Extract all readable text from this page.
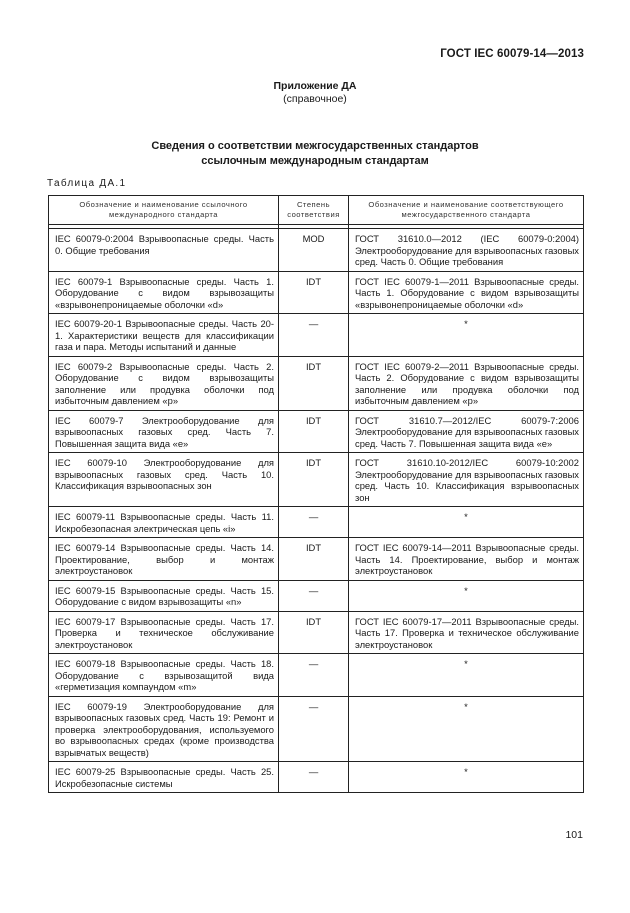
ГОСТ IEC 60079-14—2013
Приложение ДА
(справочное)
Сведения о соответствии межгосударственных стандартов
ссылочным международным стандартам
Таблица ДА.1
Обозначение и наименование ссылочного международного стандарта	Степень соответствия	Обозначение и наименование соответствующего межгосударственного стандарта

IEC 60079-0:2004 Взрывоопасные среды. Часть 0. Общие требования	MOD	ГОСТ 31610.0—2012 (IEC 60079-0:2004) Электрооборудование для взрывоопасных газовых сред. Часть 0. Общие требования
IEC 60079-1 Взрывоопасные среды. Часть 1. Оборудование с видом взрывозащиты «взрывонепроницаемые оболочки «d»	IDT	ГОСТ IEC 60079-1—2011 Взрывоопасные среды. Часть 1. Оборудование с видом взрывозащиты «взрывонепроницаемые оболочки «d»
IEC 60079-20-1 Взрывоопасные среды. Часть 20-1. Характеристики веществ для классификации газа и пара. Методы испытаний и данные	—	*
IEC 60079-2 Взрывоопасные среды. Часть 2. Оборудование с видом взрывозащиты заполнение или продувка оболочки под избыточным давлением «р»	IDT	ГОСТ IEC 60079-2—2011 Взрывоопасные среды. Часть 2. Оборудование с видом взрывозащиты заполнение или продувка оболочки под избыточным давлением «р»
IEC 60079-7 Электрооборудование для взрывоопасных газовых сред. Часть 7. Повышенная защита вида «е»	IDT	ГОСТ 31610.7—2012/IEC 60079-7:2006 Электрооборудование для взрывоопасных газовых сред. Часть 7. Повышенная защита вида «е»
IEC 60079-10 Электрооборудование для взрывоопасных газовых сред. Часть 10. Классификация взрывоопасных зон	IDT	ГОСТ 31610.10-2012/IEC 60079-10:2002 Электрооборудование для взрывоопасных газовых сред. Часть 10. Классификация взрывоопасных зон
IEC 60079-11 Взрывоопасные среды. Часть 11. Искробезопасная электрическая цепь «i»	—	*
IEC 60079-14 Взрывоопасные среды. Часть 14. Проектирование, выбор и монтаж электроустановок	IDT	ГОСТ IEC 60079-14—2011 Взрывоопасные среды. Часть 14. Проектирование, выбор и монтаж электроустановок
IEC 60079-15 Взрывоопасные среды. Часть 15. Оборудование с видом взрывозащиты «n»	—	*
IEC 60079-17 Взрывоопасные среды. Часть 17. Проверка и техническое обслуживание электроустановок	IDT	ГОСТ IEC 60079-17—2011 Взрывоопасные среды. Часть 17. Проверка и техническое обслуживание электроустановок
IEC 60079-18 Взрывоопасные среды. Часть 18. Оборудование с взрывозащитой вида «герметизация компаундом «m»	—	*
IEC 60079-19 Электрооборудование для взрывоопасных газовых сред. Часть 19: Ремонт и проверка электрооборудования, используемого во взрывоопасных средах (кроме производства взрывчатых веществ)	—	*
IEC 60079-25 Взрывоопасные среды. Часть 25. Искробезопасные системы	—	*
101
